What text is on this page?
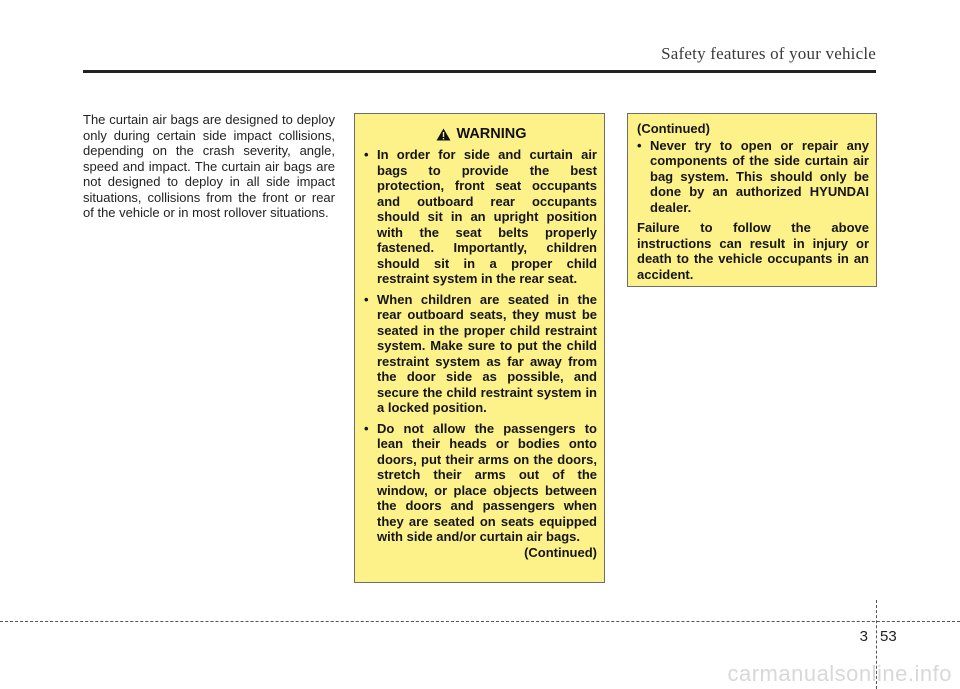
Safety features of your vehicle
The curtain air bags are designed to deploy only during certain side impact collisions, depending on the crash severity, angle, speed and impact. The curtain air bags are not designed to deploy in all side impact situations, collisions from the front or rear of the vehicle or in most rollover situations.
WARNING
• In order for side and curtain air bags to provide the best protection, front seat occupants and outboard rear occupants should sit in an upright position with the seat belts properly fastened. Importantly, children should sit in a proper child restraint system in the rear seat.
• When children are seated in the rear outboard seats, they must be seated in the proper child restraint system. Make sure to put the child restraint system as far away from the door side as possible, and secure the child restraint system in a locked position.
• Do not allow the passengers to lean their heads or bodies onto doors, put their arms on the doors, stretch their arms out of the window, or place objects between the doors and passengers when they are seated on seats equipped with side and/or curtain air bags.
(Continued)
(Continued)
• Never try to open or repair any components of the side curtain air bag system. This should only be done by an authorized HYUNDAI dealer.
Failure to follow the above instructions can result in injury or death to the vehicle occupants in an accident.
3 53
carmanualsonline.info
